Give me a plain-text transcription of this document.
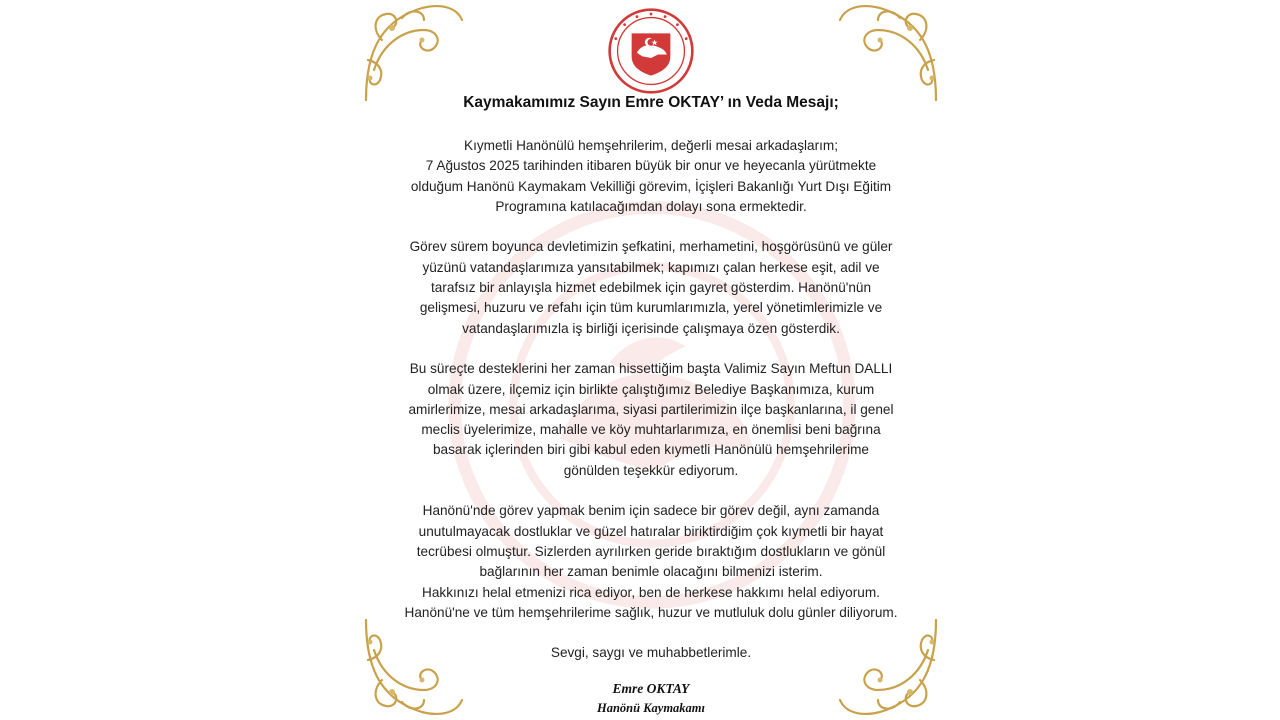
Kaymakamımız Sayın Emre OKTAY’ ın Veda Mesajı;
Kıymetli Hanönülü hemşehrilerim, değerli mesai arkadaşlarım;
7 Ağustos 2025 tarihinden itibaren büyük bir onur ve heyecanla yürütmekte
olduğum Hanönü Kaymakam Vekilliği görevim, İçişleri Bakanlığı Yurt Dışı Eğitim
Programına katılacağımdan dolayı sona ermektedir.
Görev sürem boyunca devletimizin şefkatini, merhametini, hoşgörüsünü ve güler
yüzünü vatandaşlarımıza yansıtabilmek; kapımızı çalan herkese eşit, adil ve
tarafsız bir anlayışla hizmet edebilmek için gayret gösterdim. Hanönü'nün
gelişmesi, huzuru ve refahı için tüm kurumlarımızla, yerel yönetimlerimizle ve
vatandaşlarımızla iş birliği içerisinde çalışmaya özen gösterdik.
Bu süreçte desteklerini her zaman hissettiğim başta Valimiz Sayın Meftun DALLI
olmak üzere, ilçemiz için birlikte çalıştığımız Belediye Başkanımıza, kurum
amirlerimize, mesai arkadaşlarıma, siyasi partilerimizin ilçe başkanlarına, il genel
meclis üyelerimize, mahalle ve köy muhtarlarımıza, en önemlisi beni bağrına
basarak içlerinden biri gibi kabul eden kıymetli Hanönülü hemşehrilerime
gönülden teşekkür ediyorum.
Hanönü'nde görev yapmak benim için sadece bir görev değil, aynı zamanda
unutulmayacak dostluklar ve güzel hatıralar biriktirdiğim çok kıymetli bir hayat
tecrübesi olmuştur. Sizlerden ayrılırken geride bıraktığım dostlukların ve gönül
bağlarının her zaman benimle olacağını bilmenizi isterim.
Hakkınızı helal etmenizi rica ediyor, ben de herkese hakkımı helal ediyorum.
Hanönü'ne ve tüm hemşehrilerime sağlık, huzur ve mutluluk dolu günler diliyorum.
Sevgi, saygı ve muhabbetlerimle.
Emre OKTAY
Hanönü Kaymakamı
